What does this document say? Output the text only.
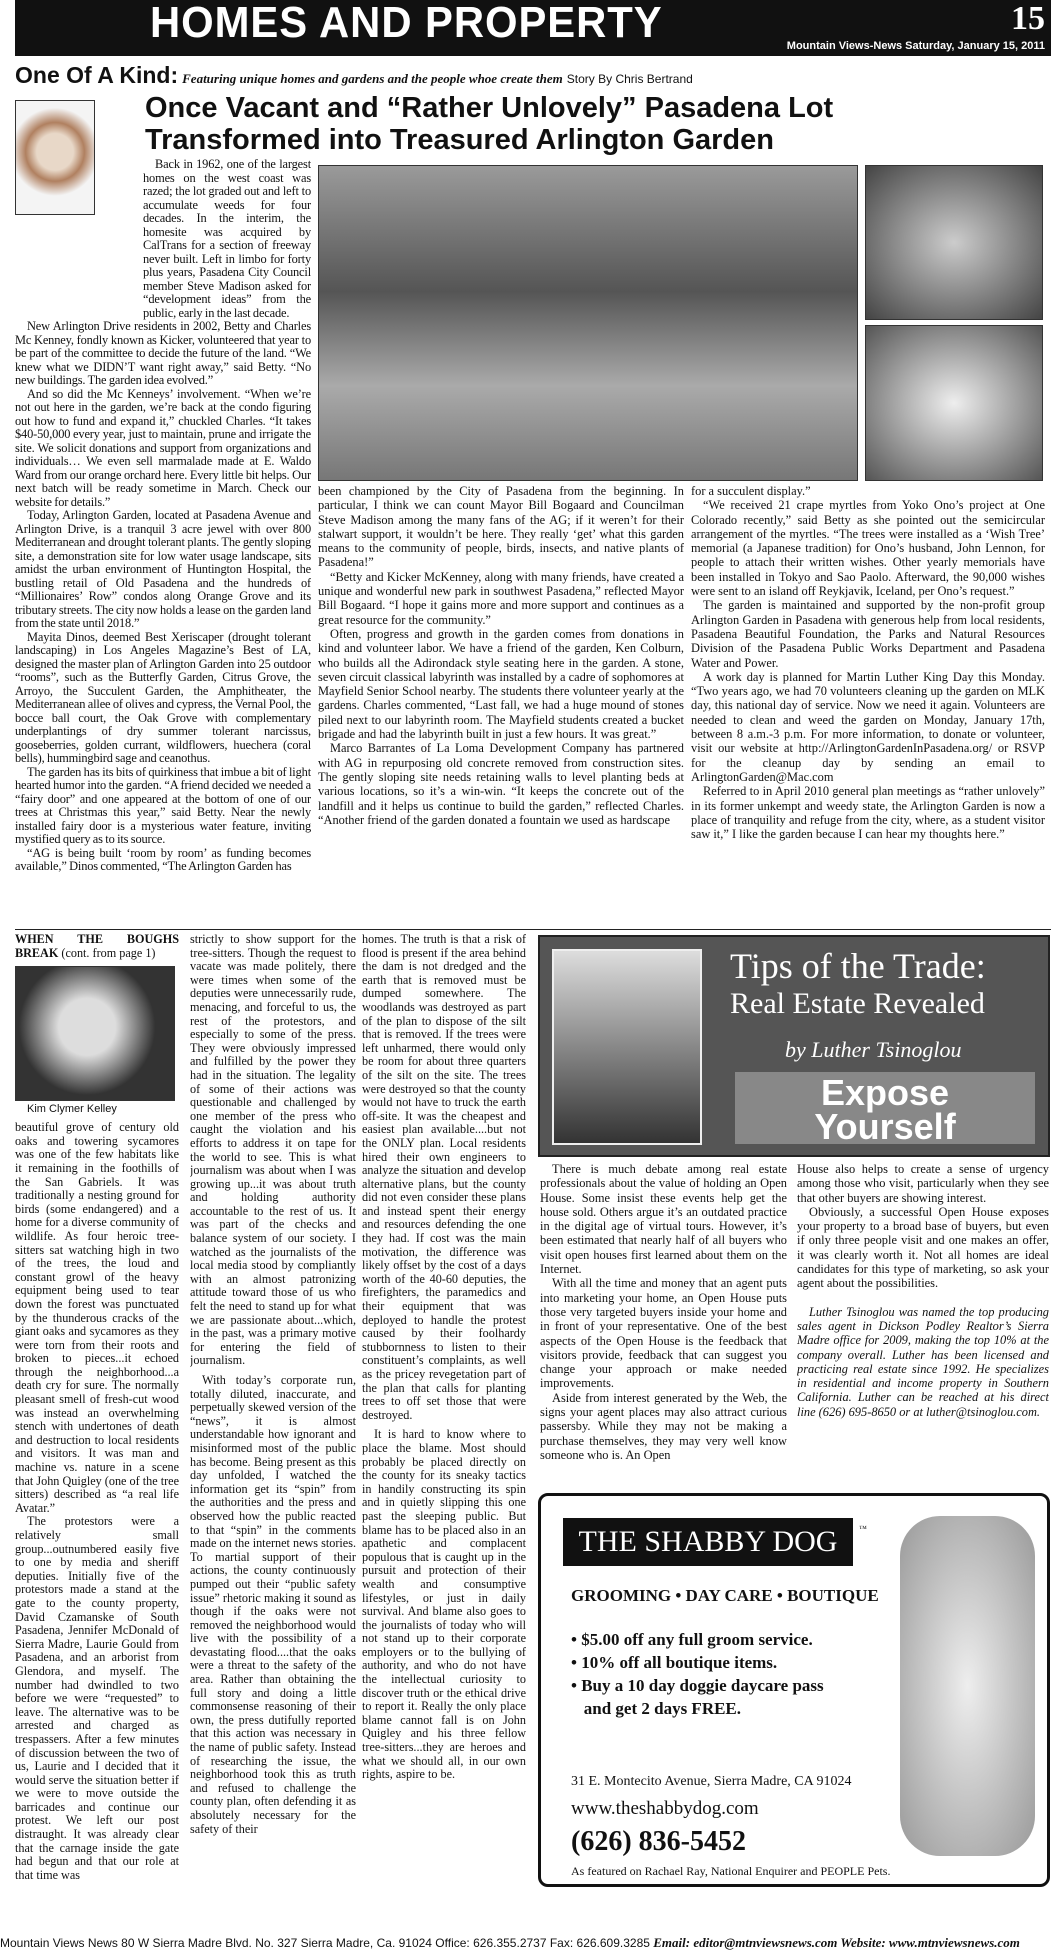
HOMES AND PROPERTY	15
Mountain Views-News Saturday, January 15, 2011
One Of A Kind: Featuring unique homes and gardens and the people whoe create them Story By Chris Bertrand
Once Vacant and “Rather Unlovely” Pasadena Lot
Transformed into Treasured Arlington Garden

Back in 1962, one of the largest homes on the west coast was razed; the lot graded out and left to accumulate weeds for four decades. In the interim, the homesite was acquired by CalTrans for a section of freeway never built. Left in limbo for forty plus years, Pasadena City Council member Steve Madison asked for “development ideas” from the public, early in the last decade.

New Arlington Drive residents in 2002, Betty and Charles Mc Kenney, fondly known as Kicker, volunteered that year to be part of the committee to decide the future of the land. “We knew what we DIDN’T want right away,” said Betty. “No new buildings. The garden idea evolved.”

And so did the Mc Kenneys’ involvement. “When we’re not out here in the garden, we’re back at the condo figuring out how to fund and expand it,” chuckled Charles. “It takes $40-50,000 every year, just to maintain, prune and irrigate the site. We solicit donations and support from organizations and individuals… We even sell marmalade made at E. Waldo Ward from our orange orchard here. Every little bit helps. Our next batch will be ready sometime in March. Check our website for details.”

Today, Arlington Garden, located at Pasadena Avenue and Arlington Drive, is a tranquil 3 acre jewel with over 800 Mediterranean and drought tolerant plants. The gently sloping site, a demonstration site for low water usage landscape, sits amidst the urban environment of Huntington Hospital, the bustling retail of Old Pasadena and the hundreds of “Millionaires’ Row” condos along Orange Grove and its tributary streets. The city now holds a lease on the garden land from the state until 2018.”

Mayita Dinos, deemed Best Xeriscaper (drought tolerant landscaping) in Los Angeles Magazine’s Best of LA, designed the master plan of Arlington Garden into 25 outdoor “rooms”, such as the Butterfly Garden, Citrus Grove, the Arroyo, the Succulent Garden, the Amphitheater, the Mediterranean allee of olives and cypress, the Vernal Pool, the bocce ball court, the Oak Grove with complementary underplantings of dry summer tolerant narcissus, gooseberries, golden currant, wildflowers, huechera (coral bells), hummingbird sage and ceanothus.

The garden has its bits of quirkiness that imbue a bit of light hearted humor into the garden. “A friend decided we needed a “fairy door” and one appeared at the bottom of one of our trees at Christmas this year,” said Betty. Near the newly installed fairy door is a mysterious water feature, inviting mystified query as to its source.

“AG is being built ‘room by room’ as funding becomes available,” Dinos commented, “The Arlington Garden has

been championed by the City of Pasadena from the beginning. In particular, I think we can count Mayor Bill Bogaard and Councilman Steve Madison among the many fans of the AG; if it weren’t for their stalwart support, it wouldn’t be here. They really ‘get’ what this garden means to the community of people, birds, insects, and native plants of Pasadena!”

“Betty and Kicker McKenney, along with many friends, have created a unique and wonderful new park in southwest Pasadena,” reflected Mayor Bill Bogaard. “I hope it gains more and more support and continues as a great resource for the community.”

Often, progress and growth in the garden comes from donations in kind and volunteer labor. We have a friend of the garden, Ken Colburn, who builds all the Adirondack style seating here in the garden. A stone, seven circuit classical labyrinth was installed by a cadre of sophomores at Mayfield Senior School nearby. The students there volunteer yearly at the gardens. Charles commented, “Last fall, we had a huge mound of stones piled next to our labyrinth room. The Mayfield students created a bucket brigade and had the labyrinth built in just a few hours. It was great.”

Marco Barrantes of La Loma Development Company has partnered with AG in repurposing old concrete removed from construction sites. The gently sloping site needs retaining walls to level planting beds at various locations, so it’s a win-win. “It keeps the concrete out of the landfill and it helps us continue to build the garden,” reflected Charles. “Another friend of the garden donated a fountain we used as hardscape

for a succulent display.”

“We received 21 crape myrtles from Yoko Ono’s project at One Colorado recently,” said Betty as she pointed out the semicircular arrangement of the myrtles. “The trees were installed as a ‘Wish Tree’ memorial (a Japanese tradition) for Ono’s husband, John Lennon, for people to attach their written wishes. Other yearly memorials have been installed in Tokyo and Sao Paolo. Afterward, the 90,000 wishes were sent to an island off Reykjavik, Iceland, per Ono’s request.”

The garden is maintained and supported by the non-profit group Arlington Garden in Pasadena with generous help from local residents, Pasadena Beautiful Foundation, the Parks and Natural Resources Division of the Pasadena Public Works Department and Pasadena Water and Power.

A work day is planned for Martin Luther King Day this Monday. “Two years ago, we had 70 volunteers cleaning up the garden on MLK day, this national day of service. Now we need it again. Volunteers are needed to clean and weed the garden on Monday, January 17th, between 8 a.m.-3 p.m. For more information, to donate or volunteer, visit our website at http://ArlingtonGardenInPasadena.org/ or RSVP for the cleanup day by sending an email to ArlingtonGarden@Mac.com

Referred to in April 2010 general plan meetings as “rather unlovely” in its former unkempt and weedy state, the Arlington Garden is now a place of tranquility and refuge from the city, where, as a student visitor saw it,” I like the garden because I can hear my thoughts here.”

WHEN THE BOUGHS BREAK (cont. from page 1)

Kim Clymer Kelley

beautiful grove of century old oaks and towering sycamores was one of the few habitats like it remaining in the foothills of the San Gabriels. It was traditionally a nesting ground for birds (some endangered) and a home for a diverse community of wildlife. As four heroic tree-sitters sat watching high in two of the trees, the loud and constant growl of the heavy equipment being used to tear down the forest was punctuated by the thunderous cracks of the giant oaks and sycamores as they were torn from their roots and broken to pieces...it echoed through the neighborhood...a death cry for sure. The normally pleasant smell of fresh-cut wood was instead an overwhelming stench with undertones of death and destruction to local residents and visitors. It was man and machine vs. nature in a scene that John Quigley (one of the tree sitters) described as “a real life Avatar.”

The protestors were a relatively small group...outnumbered easily five to one by media and sheriff deputies. Initially five of the protestors made a stand at the gate to the county property, David Czamanske of South Pasadena, Jennifer McDonald of Sierra Madre, Laurie Gould from Pasadena, and an arborist from Glendora, and myself. The number had dwindled to two before we were “requested” to leave. The alternative was to be arrested and charged as trespassers. After a few minutes of discussion between the two of us, Laurie and I decided that it would serve the situation better if we were to move outside the barricades and continue our protest. We left our post distraught. It was already clear that the carnage inside the gate had begun and that our role at that time was

strictly to show support for the tree-sitters. Though the request to vacate was made politely, there were times when some of the deputies were unnecessarily rude, menacing, and forceful to us, the rest of the protestors, and especially to some of the press. They were obviously impressed and fulfilled by the power they had in the situation. The legality of some of their actions was questionable and challenged by one member of the press who caught the violation and his efforts to address it on tape for the world to see. This is what journalism was about when I was growing up...it was about truth and holding authority accountable to the rest of us. It was part of the checks and balance system of our society. I watched as the journalists of the local media stood by compliantly with an almost patronizing attitude toward those of us who felt the need to stand up for what we are passionate about...which, in the past, was a primary motive for entering the field of journalism.

With today’s corporate run, totally diluted, inaccurate, and perpetually skewed version of the “news”, it is almost understandable how ignorant and misinformed most of the public has become. Being present as this day unfolded, I watched the information get its “spin” from the authorities and the press and observed how the public reacted to that “spin” in the comments made on the internet news stories. To martial support of their actions, the county continuously pumped out their “public safety issue” rhetoric making it sound as though if the oaks were not removed the neighborhood would live with the possibility of a devastating flood....that the oaks were a threat to the safety of the area. Rather than obtaining the full story and doing a little commonsense reasoning of their own, the press dutifully reported that this action was necessary in the name of public safety. Instead of researching the issue, the neighborhood took this as truth and refused to challenge the county plan, often defending it as absolutely necessary for the safety of their

homes. The truth is that a risk of flood is present if the area behind the dam is not dredged and the earth that is removed must be dumped somewhere. The woodlands was destroyed as part of the plan to dispose of the silt that is removed. If the trees were left unharmed, there would only be room for about three quarters of the silt on the site. The trees were destroyed so that the county would not have to truck the earth off-site. It was the cheapest and easiest plan available....but not the ONLY plan. Local residents hired their own engineers to analyze the situation and develop alternative plans, but the county did not even consider these plans and instead spent their energy and resources defending the one they had. If cost was the main motivation, the difference was likely offset by the cost of a days worth of the 40-60 deputies, the firefighters, the paramedics and their equipment that was deployed to handle the protest caused by their foolhardy stubbornness to listen to their constituent’s complaints, as well as the pricey revegetation part of the plan that calls for planting trees to off set those that were destroyed.

It is hard to know where to place the blame. Most should probably be placed directly on the county for its sneaky tactics in handily constructing its spin and in quietly slipping this one past the sleeping public. But blame has to be placed also in an apathetic and complacent populous that is caught up in the pursuit and protection of their wealth and consumptive lifestyles, or just in daily survival. And blame also goes to the journalists of today who will not stand up to their corporate employers or to the bullying of authority, and who do not have the intellectual curiosity to discover truth or the ethical drive to report it. Really the only place blame cannot fall is on John Quigley and his three fellow tree-sitters...they are heroes and what we should all, in our own rights, aspire to be.

Tips of the Trade:
Real Estate Revealed
by Luther Tsinoglou
Expose
Yourself

There is much debate among real estate professionals about the value of holding an Open House. Some insist these events help get the house sold. Others argue it’s an outdated practice in the digital age of virtual tours. However, it’s been estimated that nearly half of all buyers who visit open houses first learned about them on the Internet.

With all the time and money that an agent puts into marketing your home, an Open House puts those very targeted buyers inside your home and in front of your representative. One of the best aspects of the Open House is the feedback that visitors provide, feedback that can suggest you change your approach or make needed improvements.

Aside from interest generated by the Web, the signs your agent places may also attract curious passersby. While they may not be making a purchase themselves, they may very well know someone who is. An Open

House also helps to create a sense of urgency among those who visit, particularly when they see that other buyers are showing interest.

Obviously, a successful Open House exposes your property to a broad base of buyers, but even if only three people visit and one makes an offer, it was clearly worth it. Not all homes are ideal candidates for this type of marketing, so ask your agent about the possibilities.

Luther Tsinoglou was named the top producing sales agent in Dickson Podley Realtor’s Sierra Madre office for 2009, making the top 10% at the company overall. Luther has been licensed and practicing real estate since 1992. He specializes in residential and income property in Southern California. Luther can be reached at his direct line (626) 695-8650 or at luther@tsinoglou.com.

THE SHABBY DOG
GROOMING • DAY CARE • BOUTIQUE
• $5.00 off any full groom service.
• 10% off all boutique items.
• Buy a 10 day doggie daycare pass
and get 2 days FREE.
31 E. Montecito Avenue, Sierra Madre, CA 91024
www.theshabbydog.com
(626) 836-5452
As featured on Rachael Ray, National Enquirer and PEOPLE Pets.
™
Mountain Views News 80 W Sierra Madre Blvd. No. 327 Sierra Madre, Ca. 91024 Office: 626.355.2737 Fax: 626.609.3285 Email: editor@mtnviewsnews.com Website: www.mtnviewsnews.com
